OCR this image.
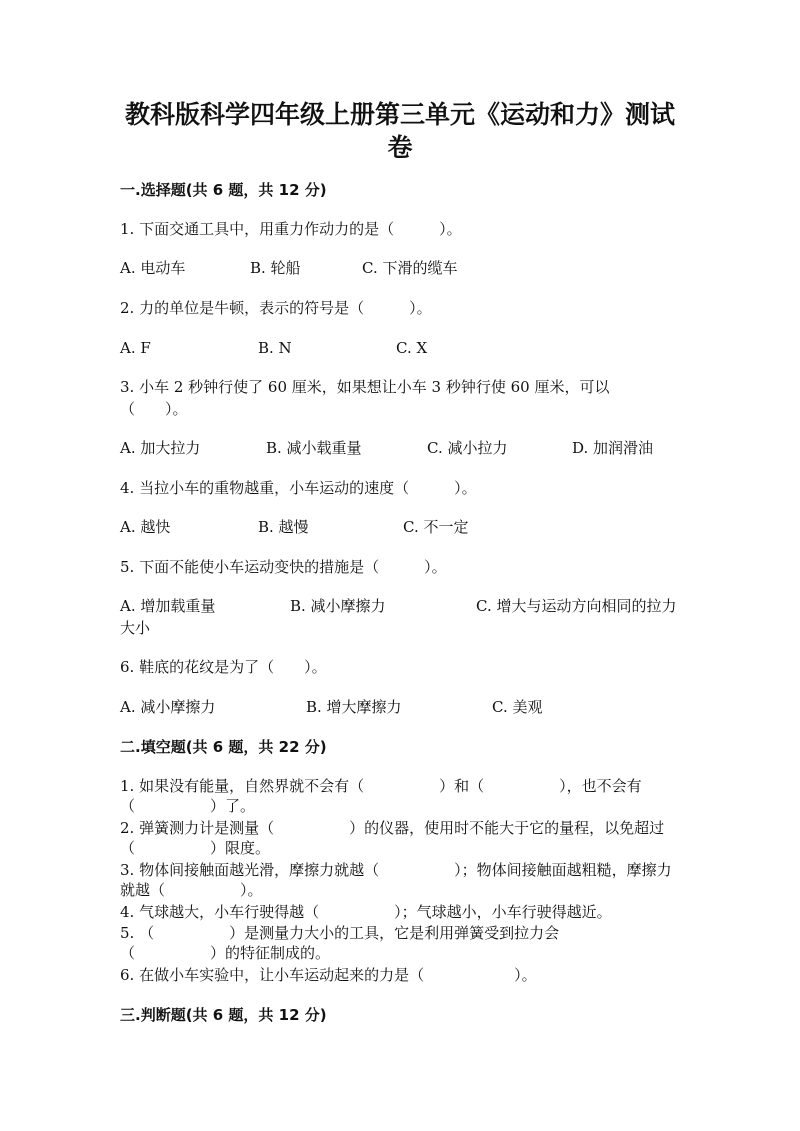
教科版科学四年级上册第三单元《运动和力》测试
卷
一.选择题(共 6 题，共 12 分)
1. 下面交通工具中，用重力作动力的是（　　　）。
A. 电动车	B. 轮船	C. 下滑的缆车
2. 力的单位是牛顿，表示的符号是（　　　）。
A. F	B. N	C. X
3. 小车 2 秒钟行使了 60 厘米，如果想让小车 3 秒钟行使 60 厘米，可以（　　）。
A. 加大拉力	B. 减小载重量	C. 减小拉力	D. 加润滑油
4. 当拉小车的重物越重，小车运动的速度（　　　）。
A. 越快	B. 越慢	C. 不一定
5. 下面不能使小车运动变快的措施是（　　　）。
A. 增加载重量	B. 减小摩擦力	C. 增大与运动方向相同的拉力大小
6. 鞋底的花纹是为了（　　）。
A. 减小摩擦力	B. 增大摩擦力	C. 美观
二.填空题(共 6 题，共 22 分)
1. 如果没有能量，自然界就不会有（　　　　　）和（　　　　　），也不会有（　　　　　）了。
2. 弹簧测力计是测量（　　　　　）的仪器，使用时不能大于它的量程，以免超过（　　　　　）限度。
3. 物体间接触面越光滑，摩擦力就越（　　　　　）；物体间接触面越粗糙，摩擦力就越（　　　　　）。
4. 气球越大，小车行驶得越（　　　　　）；气球越小，小车行驶得越近。
5. （　　　　　）是测量力大小的工具，它是利用弹簧受到拉力会（　　　　　）的特征制成的。
6. 在做小车实验中，让小车运动起来的力是（　　　　　　）。
三.判断题(共 6 题，共 12 分)
